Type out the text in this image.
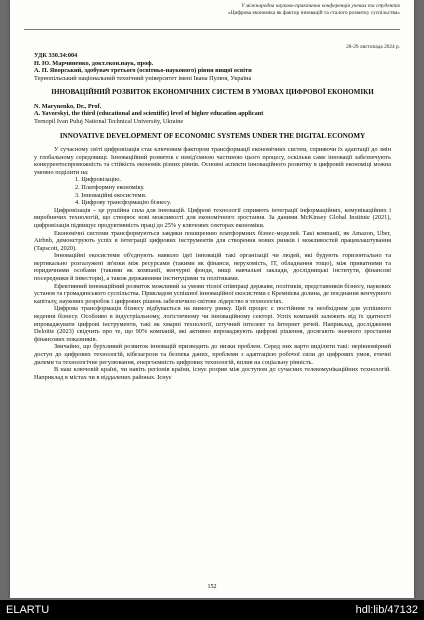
V міжнародна науково-практична конференція учених та студентів
«Цифрова економіка як фактор інновацій та сталого розвитку суспільства»
28-29 листопада 2024 р.
УДК 330.34:004
Н. Ю. Марчиненко, докт.екон.наук, проф.
А. П. Яворський, здобувач третього (освітньо-наукового) рівня вищої освіти
Тернопільський національний технічний університет імені Івана Пулюя, Україна
ІННОВАЦІЙНИЙ РОЗВИТОК ЕКОНОМІЧНИХ СИСТЕМ В УМОВАХ ЦИФРОВОЇ ЕКОНОМІКИ
N. Marynenko, Dr., Prof.
A. Yavorskyi, the third (educational and scientific) level of higher education applicant
Ternopil Ivan Puluj National Technical University, Ukraine
INNOVATIVE DEVELOPMENT OF ECONOMIC SYSTEMS UNDER THE DIGITAL ECONOMY

У сучасному світі цифровізація стає ключовим фактором трансформації економічних систем, сприяючи їх адаптації до змін у глобальному середовищі. Інноваційний розвиток є невід'ємною частиною цього процесу, оскільки саме інновації забезпечують конкурентоспроможність та стійкість економік різних рівнів. Основні аспекти інноваційного розвитку в цифровій економіці можна умовно поділити на:

1. Цифровізацію.
2. Платформну економіку.
3. Інноваційні екосистеми.
4. Цифрову трансформацію бізнесу.

Цифровізація – це рушійна сила для інновацій. Цифрові технології сприяють інтеграції інформаційних, комунікаційних і виробничих технологій, що створює нові можливості для економічного зростання. За даними McKinsey Global Institute (2021), цифровізація підвищує продуктивність праці до 25% у ключових секторах економіки.

Економічні системи трансформуються завдяки поширенню платформних бізнес-моделей. Такі компанії, як Amazon, Uber, Airbnb, демонструють успіх в інтеграції цифрових інструментів для створення нових ринків і можливостей працевлаштування (Tapscott, 2020).

Інноваційні екосистеми об'єднують навколо ідеї інновацій такі організації чи людей, які будують горизонтально та вертикально розгалужені зв'язки між ресурсами (такими як фінанси, нерухомість, ІТ, обладнання тощо), між приватними та юридичними особами (такими як компанії, венчурні фонди, вищі навчальні заклади, дослідницькі інститути, фінансові посередники й інвестори), а також державними інституціями та політиками.

Ефективний інноваційний розвиток можливий за умови тісної співпраці держави, політиків, представників бізнесу, наукових установ та громадянського суспільства. Прикладом успішної інноваційної екосистеми є Кремнієва долина, де поєднання венчурного капіталу, наукових розробок і цифрових рішень забезпечило світове лідерство в технологіях.

Цифрова трансформація бізнесу відбувається на вимогу ринку. Цей процес є постійним та необхідним для успішного ведення бізнесу. Особливо в індустріальному, логістичному чи інноваційному секторі. Успіх компаній залежить від їх здатності впроваджувати цифрові інструменти, такі як хмарні технології, штучний інтелект та Інтернет речей. Наприклад, дослідження Deloitte (2023) свідчить про те, що 90% компаній, які активно впроваджують цифрові рішення, досягають значного зростання фінансових показників.

Звичайно, що бурхливий розвиток інновацій призводить до низки проблем. Серед них варто виділити такі: нерівномірний доступ до цифрових технологій, кібезагрози та безпека даних, проблеми з адаптацією робочої сили до цифрових умов, етичні дилеми та технологічне регулювання, енергоємність цифрових технологій, вплив на соціальну рівність.

В наш ключовій країні, чи навіть регіонів країни, існує розрив між доступом до сучасних телекомунікаційних технологій. Наприклад в містах чи в віддалених районах. Існує

152
ELARTU	hdl:lib/47132
